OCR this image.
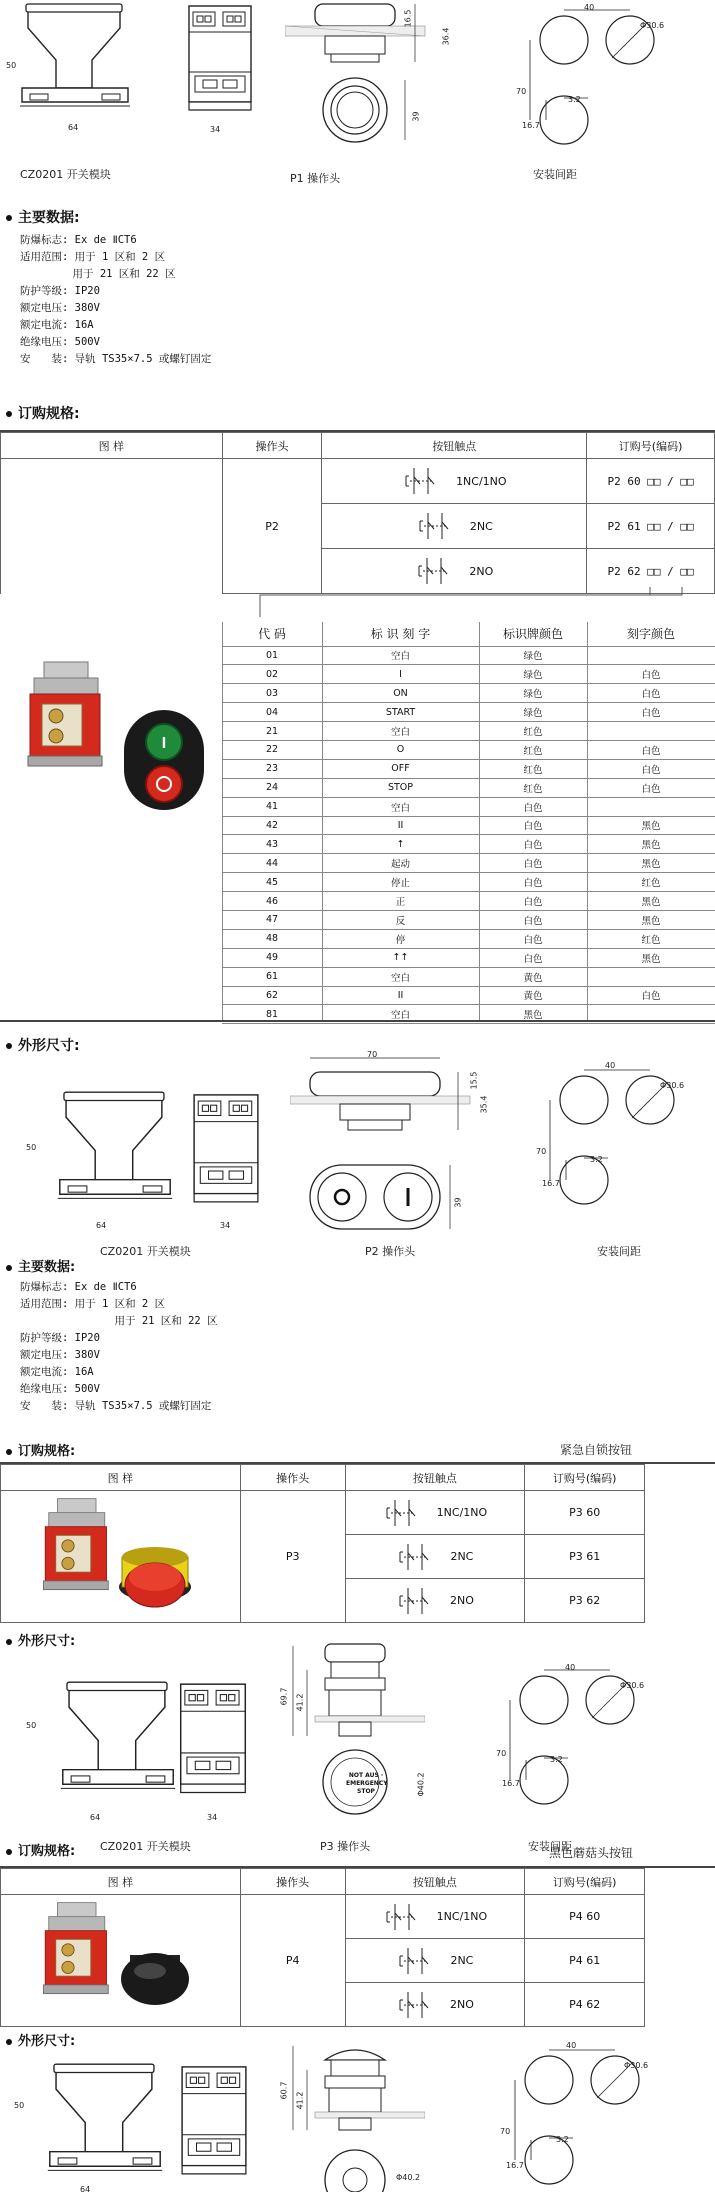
64
50
34
16.5
36.4
39
40
Φ30.6
70
3.2
16.7
CZ0201 开关模块	P1 操作头	安装间距
主要数据:
防爆标志: Ex de ⅡCT6
适用范围: 用于 1 区和 2 区
　　　　　用于 21 区和 22 区
防护等级: IP20
额定电压: 380V
额定电流: 16A
绝缘电压: 500V
安　　装: 导轨 TS35×7.5 或螺钉固定
订购规格:
图 样	操作头	按钮触点	订购号(编码)
	P2	1NC/1NO	P2 60 □□ / □□

		2NC	P2 61 □□ / □□

		2NO	P2 62 □□ / □□
I
代 码	标 识 刻 字	标识牌颜色	刻字颜色
01	空白	绿色	
02	I	绿色	白色
03	ON	绿色	白色
04	START	绿色	白色
21	空白	红色	
22	O	红色	白色
23	OFF	红色	白色
24	STOP	红色	白色
41	空白	白色	
42	II	白色	黑色
43	↑	白色	黑色
44	起动	白色	黑色
45	停止	白色	红色
46	正	白色	黑色
47	反	白色	黑色
48	停	白色	红色
49	↑↑	白色	黑色
61	空白	黄色	
62	II	黄色	白色
81	空白	黑色	
外形尺寸:
64
50
34
70
15.5
35.4
39
40
Φ30.6
70
3.2
16.7
CZ0201 开关模块	P2 操作头	安装间距
主要数据:
防爆标志: Ex de ⅡCT6
适用范围: 用于 1 区和 2 区
　　　　　　　　　用于 21 区和 22 区
防护等级: IP20
额定电压: 380V
额定电流: 16A
绝缘电压: 500V
安　　装: 导轨 TS35×7.5 或螺钉固定
订购规格:	紧急自锁按钮
图 样	操作头	按钮触点	订购号(编码)
	P3	1NC/1NO	P3 60

		2NC	P3 61

		2NO	P3 62
外形尺寸:
64
50
34
NOT AUS · EMERGENCY STOP
69.7 41.2
Φ40.2
40
Φ30.6
70
3.2
16.7
CZ0201 开关模块	P3 操作头	安装间距
订购规格:	黑色蘑菇头按钮
图 样	操作头	按钮触点	订购号(编码)
	P4	1NC/1NO	P4 60

		2NC	P4 61

		2NO	P4 62
外形尺寸:
50
64
60.7
41.2
Φ40.2
40
Φ30.6
70
3.2
16.7
